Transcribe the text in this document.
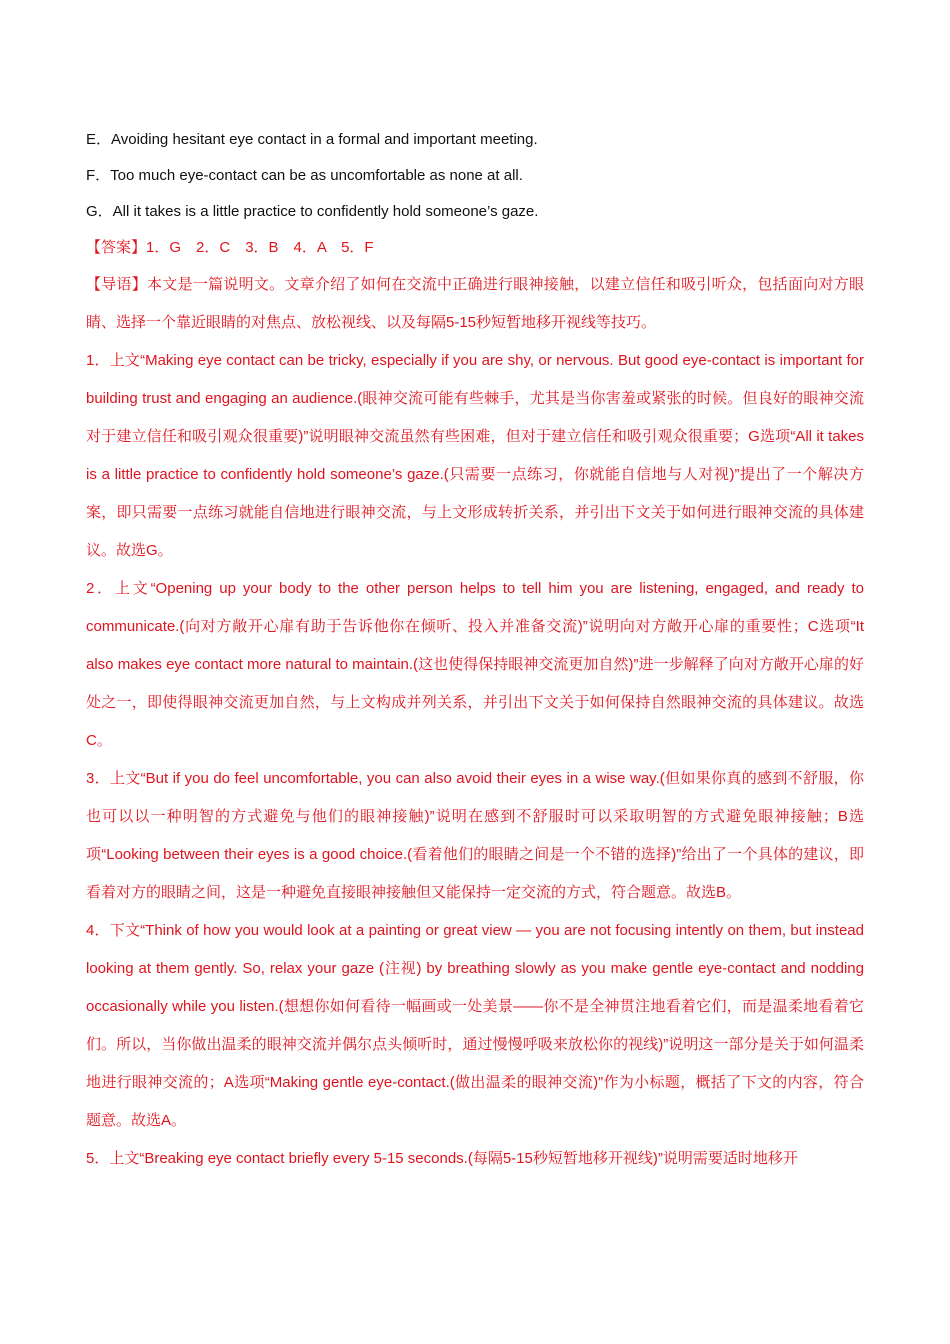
E．Avoiding hesitant eye contact in a formal and important meeting.

F．Too much eye-contact can be as uncomfortable as none at all.

G．All it takes is a little practice to confidently hold someone’s gaze.

【答案】1．G　2．C　3．B　4．A　5．F

【导语】本文是一篇说明文。文章介绍了如何在交流中正确进行眼神接触，以建立信任和吸引听众，包括面向对方眼睛、选择一个靠近眼睛的对焦点、放松视线、以及每隔5-15秒短暂地移开视线等技巧。

1．上文“Making eye contact can be tricky, especially if you are shy, or nervous. But good eye-contact is important for building trust and engaging an audience.(眼神交流可能有些棘手，尤其是当你害羞或紧张的时候。但良好的眼神交流对于建立信任和吸引观众很重要)”说明眼神交流虽然有些困难，但对于建立信任和吸引观众很重要；G选项“All it takes is a little practice to confidently hold someone’s gaze.(只需要一点练习，你就能自信地与人对视)”提出了一个解决方案，即只需要一点练习就能自信地进行眼神交流，与上文形成转折关系，并引出下文关于如何进行眼神交流的具体建议。故选G。

2．上文“Opening up your body to the other person helps to tell him you are listening, engaged, and ready to communicate.(向对方敞开心扉有助于告诉他你在倾听、投入并准备交流)”说明向对方敞开心扉的重要性；C选项“It also makes eye contact more natural to maintain.(这也使得保持眼神交流更加自然)”进一步解释了向对方敞开心扉的好处之一，即使得眼神交流更加自然，与上文构成并列关系，并引出下文关于如何保持自然眼神交流的具体建议。故选C。

3．上文“But if you do feel uncomfortable, you can also avoid their eyes in a wise way.(但如果你真的感到不舒服，你也可以以一种明智的方式避免与他们的眼神接触)”说明在感到不舒服时可以采取明智的方式避免眼神接触；B选项“Looking between their eyes is a good choice.(看着他们的眼睛之间是一个不错的选择)”给出了一个具体的建议，即看着对方的眼睛之间，这是一种避免直接眼神接触但又能保持一定交流的方式，符合题意。故选B。

4．下文“Think of how you would look at a painting or great view — you are not focusing intently on them, but instead looking at them gently. So, relax your gaze (注视) by breathing slowly as you make gentle eye-contact and nodding occasionally while you listen.(想想你如何看待一幅画或一处美景——你不是全神贯注地看着它们，而是温柔地看着它们。所以，当你做出温柔的眼神交流并偶尔点头倾听时，通过慢慢呼吸来放松你的视线)”说明这一部分是关于如何温柔地进行眼神交流的；A选项“Making gentle eye-contact.(做出温柔的眼神交流)”作为小标题，概括了下文的内容，符合题意。故选A。

5．上文“Breaking eye contact briefly every 5-15 seconds.(每隔5-15秒短暂地移开视线)”说明需要适时地移开
